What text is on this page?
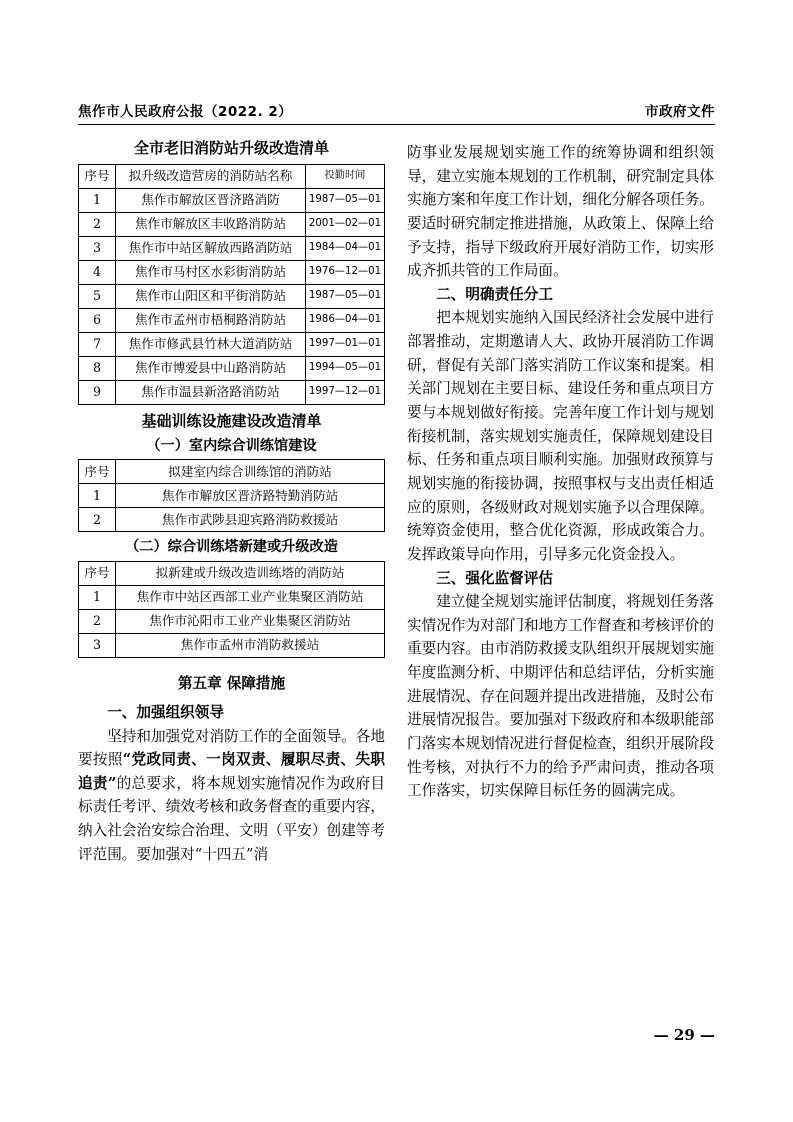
焦作市人民政府公报（2022. 2）	市政府文件
全市老旧消防站升级改造清单
序号	拟升级改造营房的消防站名称	投勤时间
1	焦作市解放区晋济路消防	1987—05—01
2	焦作市解放区丰收路消防站	2001—02—01
3	焦作市中站区解放西路消防站	1984—04—01
4	焦作市马村区水彩街消防站	1976—12—01
5	焦作市山阳区和平街消防站	1987—05—01
6	焦作市孟州市梧桐路消防站	1986—04—01
7	焦作市修武县竹林大道消防站	1997—01—01
8	焦作市博爱县中山路消防站	1994—05—01
9	焦作市温县新洛路消防站	1997—12—01
基础训练设施建设改造清单
（一）室内综合训练馆建设
序号	拟建室内综合训练馆的消防站
1	焦作市解放区晋济路特勤消防站
2	焦作市武陟县迎宾路消防救援站
（二）综合训练塔新建或升级改造
序号	拟新建或升级改造训练塔的消防站
1	焦作市中站区西部工业产业集聚区消防站
2	焦作市沁阳市工业产业集聚区消防站
3	焦作市孟州市消防救援站
第五章 保障措施
一、加强组织领导

坚持和加强党对消防工作的全面领导。各地要按照“党政同责、一岗双责、履职尽责、失职追责”的总要求，将本规划实施情况作为政府目标责任考评、绩效考核和政务督查的重要内容，纳入社会治安综合治理、文明（平安）创建等考评范围。要加强对“十四五”消

防事业发展规划实施工作的统筹协调和组织领导，建立实施本规划的工作机制，研究制定具体实施方案和年度工作计划，细化分解各项任务。要适时研究制定推进措施，从政策上、保障上给予支持，指导下级政府开展好消防工作，切实形成齐抓共管的工作局面。

二、明确责任分工

把本规划实施纳入国民经济社会发展中进行部署推动，定期邀请人大、政协开展消防工作调研，督促有关部门落实消防工作议案和提案。相关部门规划在主要目标、建设任务和重点项目方要与本规划做好衔接。完善年度工作计划与规划衔接机制，落实规划实施责任，保障规划建设目标、任务和重点项目顺利实施。加强财政预算与规划实施的衔接协调，按照事权与支出责任相适应的原则，各级财政对规划实施予以合理保障。统筹资金使用，整合优化资源，形成政策合力。发挥政策导向作用，引导多元化资金投入。

三、强化监督评估

建立健全规划实施评估制度，将规划任务落实情况作为对部门和地方工作督查和考核评价的重要内容。由市消防救援支队组织开展规划实施年度监测分析、中期评估和总结评估，分析实施进展情况、存在问题并提出改进措施，及时公布进展情况报告。要加强对下级政府和本级职能部门落实本规划情况进行督促检查，组织开展阶段性考核，对执行不力的给予严肃问责，推动各项工作落实，切实保障目标任务的圆满完成。

— 29 —
